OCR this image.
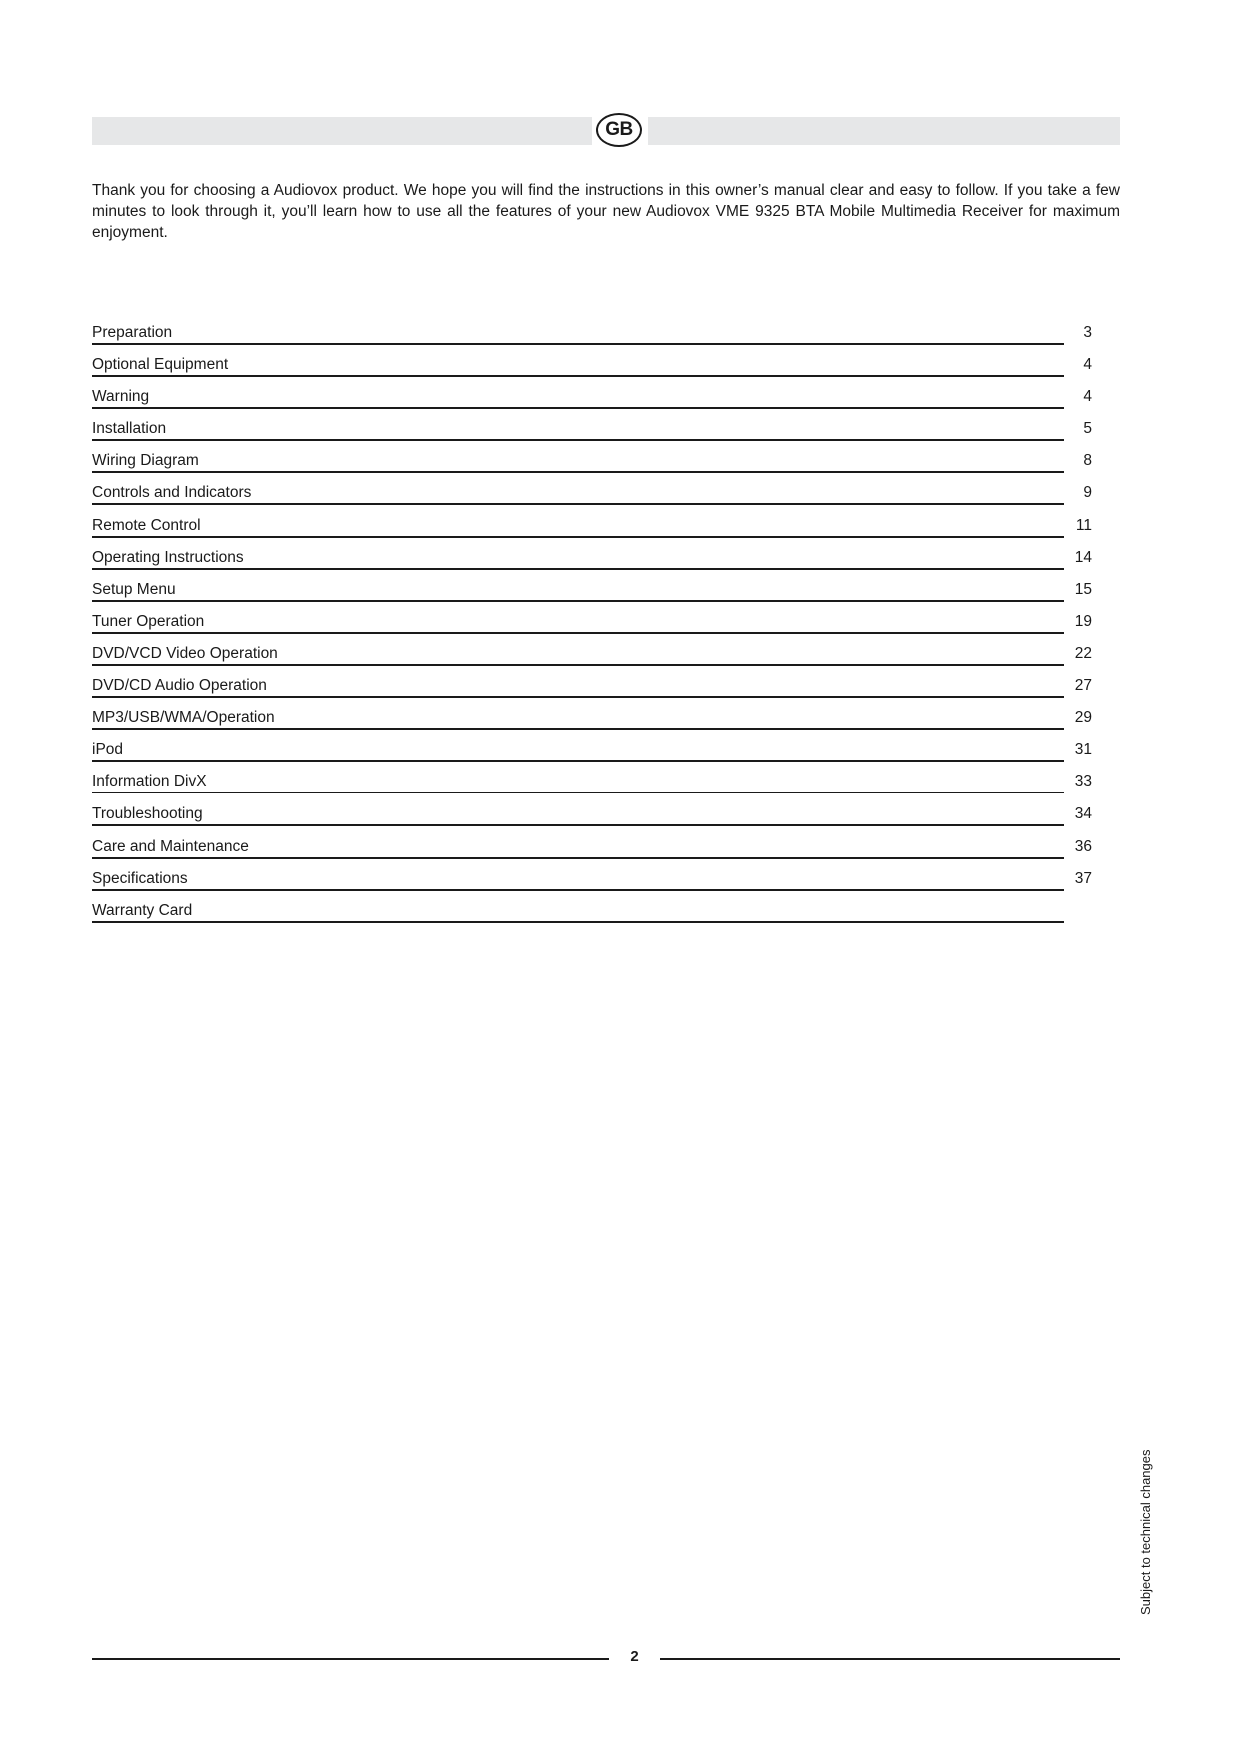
GB

Thank you for choosing a Audiovox product. We hope you will find the instructions in this owner’s manual clear and easy to follow. If you take a few minutes to look through it, you’ll learn how to use all the features of your new Audiovox VME 9325 BTA Mobile Multimedia Receiver for maximum enjoyment.

Preparation	3
Optional Equipment	4
Warning	4
Installation	5
Wiring Diagram	8
Controls and Indicators	9
Remote Control	11
Operating Instructions	14
Setup Menu	15
Tuner Operation	19
DVD/VCD Video Operation	22
DVD/CD Audio Operation	27
MP3/USB/WMA/Operation	29
iPod	31
Information DivX	33
Troubleshooting	34
Care and Maintenance	36
Specifications	37
Warranty Card
Subject to technical changes
2
